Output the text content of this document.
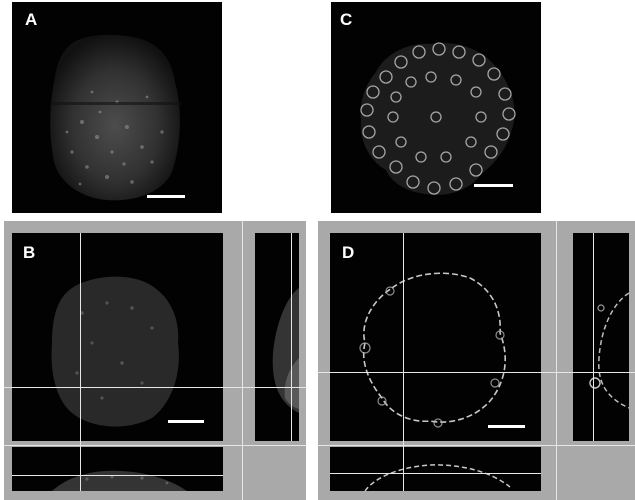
A	C
B	D
